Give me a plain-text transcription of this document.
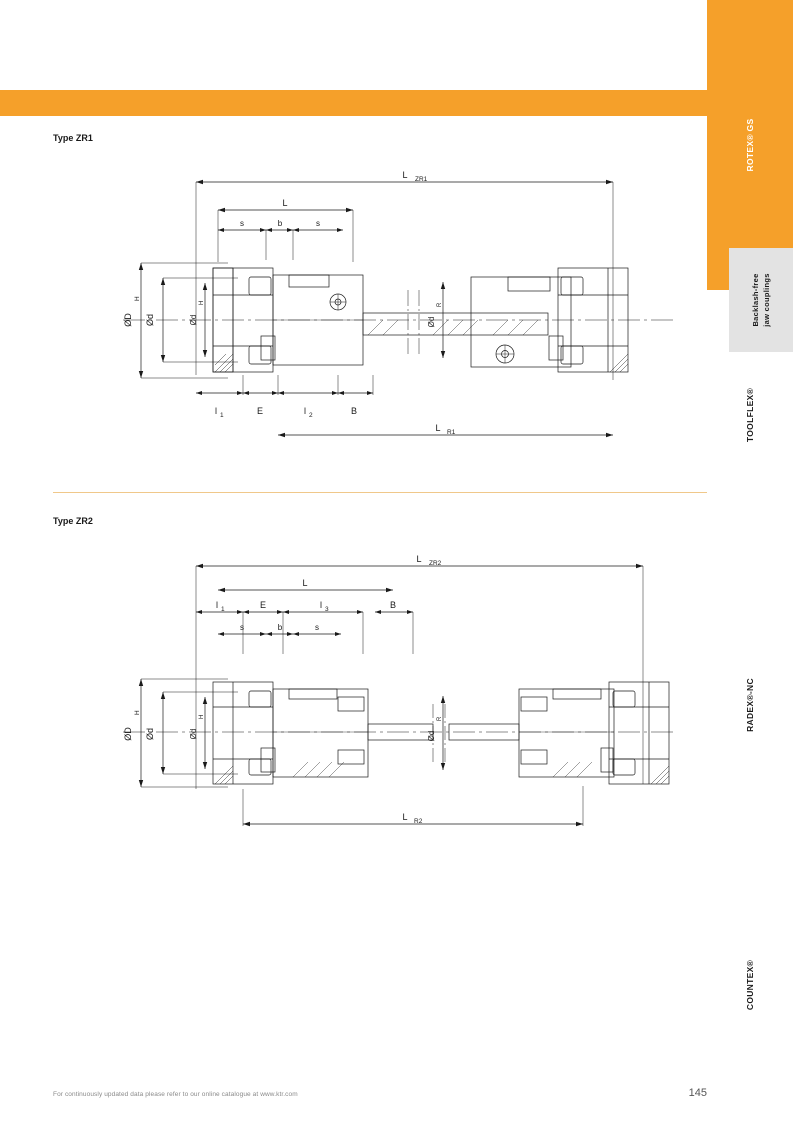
ROTEX® GS
Backlash-free jaw couplings
TOOLFLEX®
RADEX®-NC
COUNTEX®
Type ZR1
L ZR1
L
s	b	s
ØD
H
Ød	Ød
H
Ød
R
l 1	E	l 2	B
L R1
Type ZR2
L ZR2
L
l 1	E	l 3	B
s	b	s
ØD
H
Ød	Ød
H
Ød
R
L R2
For continuously updated data please refer to our online catalogue at www.ktr.com	145
